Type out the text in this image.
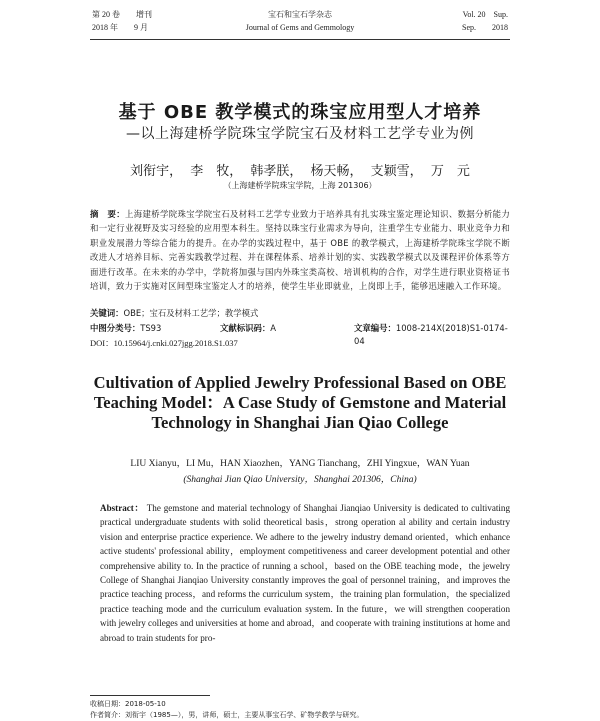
第 20 卷　　增刊
2018 年　　9 月
宝石和宝石学杂志
Journal of Gems and Gemmology
Vol. 20　Sup.
Sep.　　2018
基于 OBE 教学模式的珠宝应用型人才培养
—以上海建桥学院珠宝学院宝石及材料工艺学专业为例
刘衔宇， 李　牧， 韩孝朕， 杨天畅， 支颖雪， 万　元
（上海建桥学院珠宝学院，上海 201306）
摘　要：上海建桥学院珠宝学院宝石及材料工艺学专业致力于培养具有扎实珠宝鉴定理论知识、数据分析能力和一定行业视野及实习经验的应用型本科生。坚持以珠宝行业需求为导向，注重学生专业能力、职业竞争力和职业发展潜力等综合能力的提升。在办学的实践过程中，基于 OBE 的教学模式，上海建桥学院珠宝学院不断改进人才培养目标、完善实践教学过程、并在课程体系、培养计划的实、实践教学模式以及课程评价体系等方面进行改革。在未来的办学中，学院将加强与国内外珠宝类高校、培训机构的合作，对学生进行职业资格证书培训，致力于实施对区间型珠宝鉴定人才的培养，使学生毕业即就业，上岗即上手，能够迅速融入工作环境。
关键词：OBE；宝石及材料工艺学；教学模式
中图分类号：TS93	文献标识码：A	文章编号：1008-214X(2018)S1-0174-04
DOI：10.15964/j.cnki.027jgg.2018.S1.037
Cultivation of Applied Jewelry Professional Based on OBE Teaching Model：A Case Study of Gemstone and Material Technology in Shanghai Jian Qiao College
LIU Xianyu，LI Mu，HAN Xiaozhen，YANG Tianchang，ZHI Yingxue，WAN Yuan
(Shanghai Jian Qiao University，Shanghai 201306，China)
Abstract： The gemstone and material technology of Shanghai Jianqiao University is dedicated to cultivating practical undergraduate students with solid theoretical basis，strong operation al ability and certain industry vision and enterprise practice experience. We adhere to the jewelry industry demand oriented，which enhance active students' professional ability，employment competitiveness and career development potential and other comprehensive ability to. In the practice of running a school，based on the OBE teaching mode，the jewelry College of Shanghai Jianqiao University constantly improves the goal of personnel training，and improves the practice teaching process，and reforms the curriculum system，the training plan formulation，the specialized practice teaching mode and the curriculum evaluation system. In the future，we will strengthen cooperation with jewelry colleges and universities at home and abroad，and cooperate with training institutions at home and abroad to train students for pro-
收稿日期：2018-05-10
作者简介：刘衔宇（1985—），男，讲师，硕士，主要从事宝石学、矿物学教学与研究。
